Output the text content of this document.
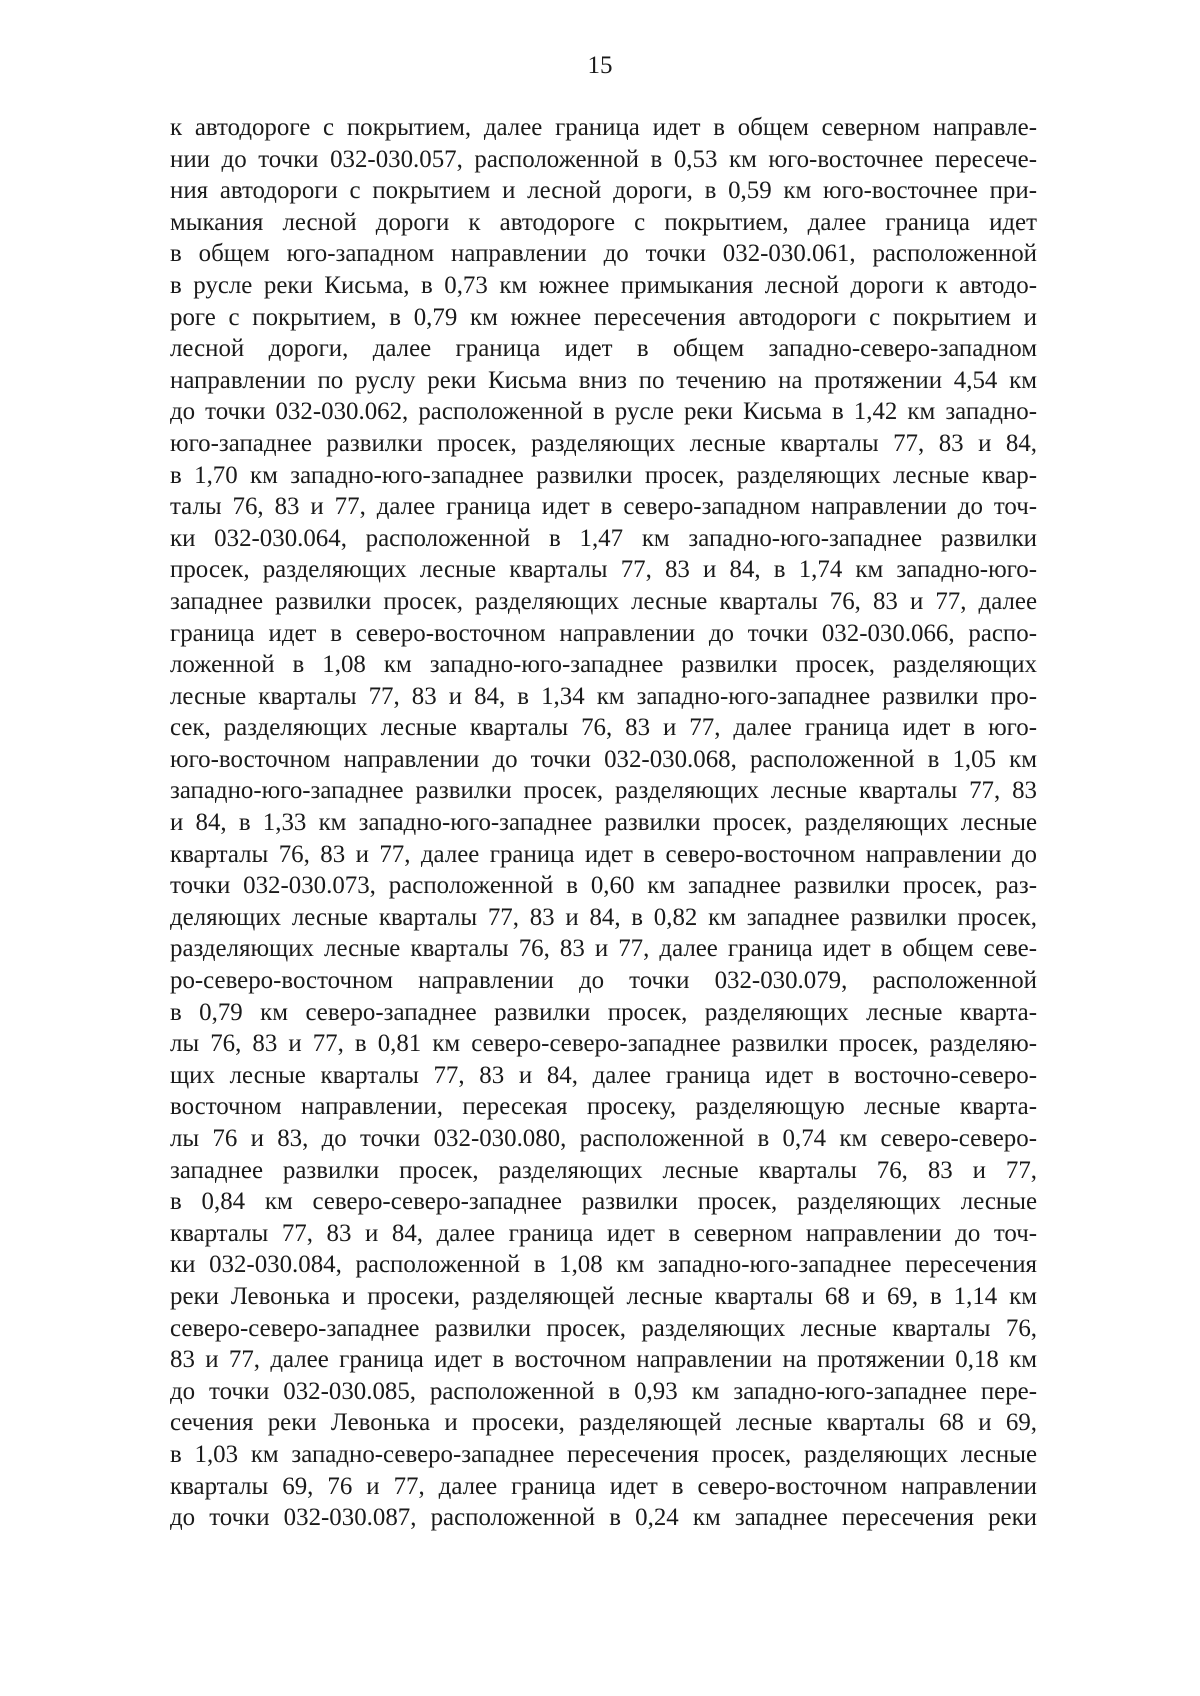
15
к автодороге с покрытием, далее граница идет в общем северном направле-
нии до точки 032-030.057, расположенной в 0,53 км юго-восточнее пересече-
ния автодороги с покрытием и лесной дороги, в 0,59 км юго-восточнее при-
мыкания лесной дороги к автодороге с покрытием, далее граница идет
в общем юго-западном направлении до точки 032-030.061, расположенной
в русле реки Кисьма, в 0,73 км южнее примыкания лесной дороги к автодо-
роге с покрытием, в 0,79 км южнее пересечения автодороги с покрытием и
лесной дороги, далее граница идет в общем западно-северо-западном
направлении по руслу реки Кисьма вниз по течению на протяжении 4,54 км
до точки 032-030.062, расположенной в русле реки Кисьма в 1,42 км западно-
юго-западнее развилки просек, разделяющих лесные кварталы 77, 83 и 84,
в 1,70 км западно-юго-западнее развилки просек, разделяющих лесные квар-
талы 76, 83 и 77, далее граница идет в северо-западном направлении до точ-
ки 032-030.064, расположенной в 1,47 км западно-юго-западнее развилки
просек, разделяющих лесные кварталы 77, 83 и 84, в 1,74 км западно-юго-
западнее развилки просек, разделяющих лесные кварталы 76, 83 и 77, далее
граница идет в северо-восточном направлении до точки 032-030.066, распо-
ложенной в 1,08 км западно-юго-западнее развилки просек, разделяющих
лесные кварталы 77, 83 и 84, в 1,34 км западно-юго-западнее развилки про-
сек, разделяющих лесные кварталы 76, 83 и 77, далее граница идет в юго-
юго-восточном направлении до точки 032-030.068, расположенной в 1,05 км
западно-юго-западнее развилки просек, разделяющих лесные кварталы 77, 83
и 84, в 1,33 км западно-юго-западнее развилки просек, разделяющих лесные
кварталы 76, 83 и 77, далее граница идет в северо-восточном направлении до
точки 032-030.073, расположенной в 0,60 км западнее развилки просек, раз-
деляющих лесные кварталы 77, 83 и 84, в 0,82 км западнее развилки просек,
разделяющих лесные кварталы 76, 83 и 77, далее граница идет в общем севе-
ро-северо-восточном направлении до точки 032-030.079, расположенной
в 0,79 км северо-западнее развилки просек, разделяющих лесные кварта-
лы 76, 83 и 77, в 0,81 км северо-северо-западнее развилки просек, разделяю-
щих лесные кварталы 77, 83 и 84, далее граница идет в восточно-северо-
восточном направлении, пересекая просеку, разделяющую лесные кварта-
лы 76 и 83, до точки 032-030.080, расположенной в 0,74 км северо-северо-
западнее развилки просек, разделяющих лесные кварталы 76, 83 и 77,
в 0,84 км северо-северо-западнее развилки просек, разделяющих лесные
кварталы 77, 83 и 84, далее граница идет в северном направлении до точ-
ки 032-030.084, расположенной в 1,08 км западно-юго-западнее пересечения
реки Левонька и просеки, разделяющей лесные кварталы 68 и 69, в 1,14 км
северо-северо-западнее развилки просек, разделяющих лесные кварталы 76,
83 и 77, далее граница идет в восточном направлении на протяжении 0,18 км
до точки 032-030.085, расположенной в 0,93 км западно-юго-западнее пере-
сечения реки Левонька и просеки, разделяющей лесные кварталы 68 и 69,
в 1,03 км западно-северо-западнее пересечения просек, разделяющих лесные
кварталы 69, 76 и 77, далее граница идет в северо-восточном направлении
до точки 032-030.087, расположенной в 0,24 км западнее пересечения реки
